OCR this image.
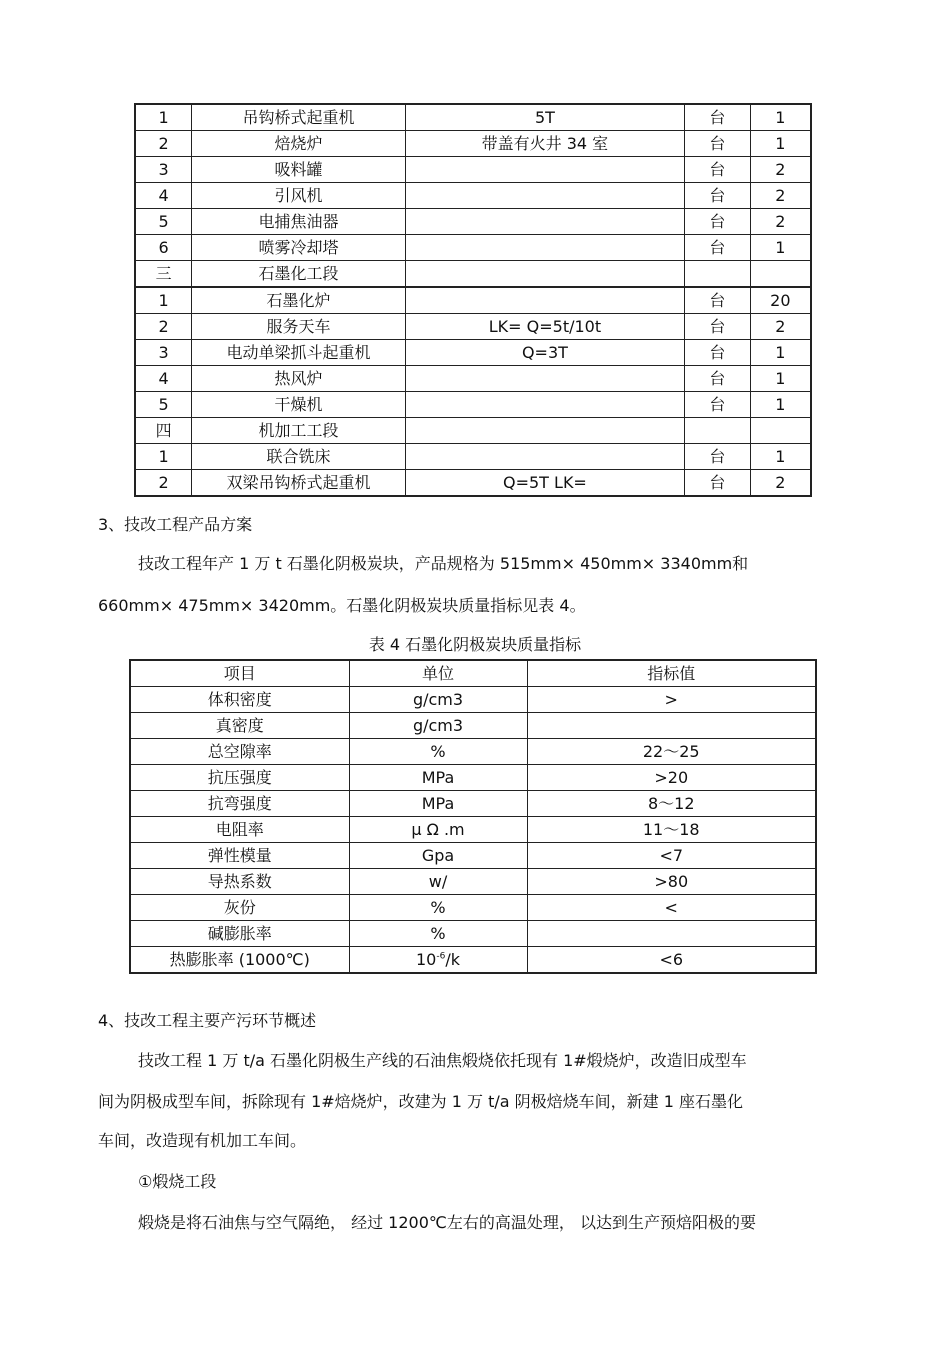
1	吊钩桥式起重机	5T	台	1
2	焙烧炉	带盖有火井 34 室	台	1
3	吸料罐		台	2
4	引风机		台	2
5	电捕焦油器		台	2
6	喷雾冷却塔		台	1
三	石墨化工段			
1	石墨化炉		台	20
2	服务天车	LK= Q=5t/10t	台	2
3	电动单梁抓斗起重机	Q=3T	台	1
4	热风炉		台	1
5	干燥机		台	1
四	机加工工段			
1	联合铣床		台	1
2	双梁吊钩桥式起重机	Q=5T LK=	台	2
3、技改工程产品方案
技改工程年产 1 万 t 石墨化阴极炭块，产品规格为 515mm× 450mm× 3340mm和
660mm× 475mm× 3420mm。石墨化阴极炭块质量指标见表 4。
表 4 石墨化阴极炭块质量指标
项目	单位	指标值
体积密度	g/cm3	>
真密度	g/cm3	
总空隙率	%	22～25
抗压强度	MPa	>20
抗弯强度	MPa	8～12
电阻率	μ Ω .m	11～18
弹性模量	Gpa	<7
导热系数	w/	>80
灰份	%	<
碱膨胀率	%	
热膨胀率 (1000℃)	$10^{-6}/k$	<6
4、技改工程主要产污环节概述
技改工程 1 万 t/a 石墨化阴极生产线的石油焦煅烧依托现有 1#煅烧炉，改造旧成型车
间为阴极成型车间，拆除现有 1#焙烧炉，改建为 1 万 t/a 阴极焙烧车间，新建 1 座石墨化
车间，改造现有机加工车间。
①煅烧工段
煅烧是将石油焦与空气隔绝， 经过 1200℃左右的高温处理， 以达到生产预焙阳极的要
